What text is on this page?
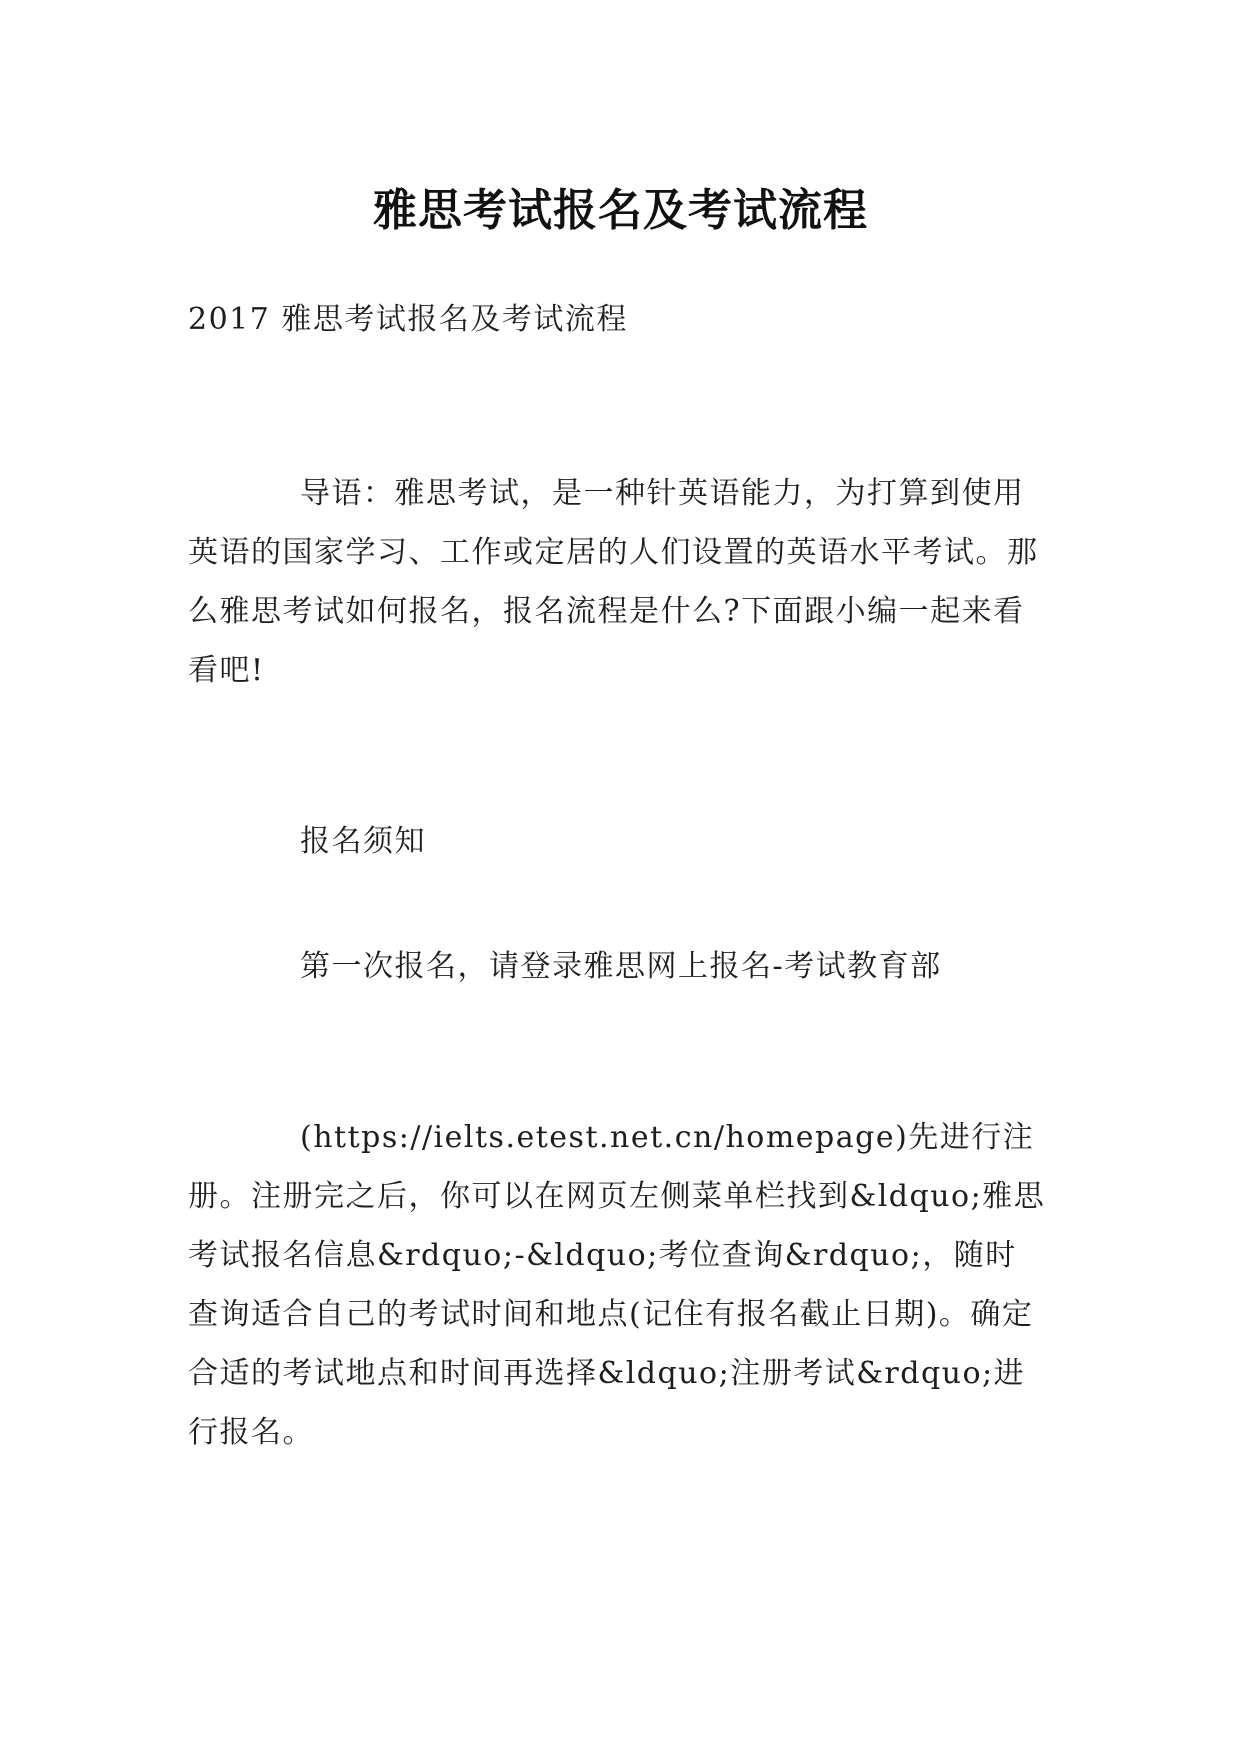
雅思考试报名及考试流程

2017 雅思考试报名及考试流程

导语：雅思考试，是一种针英语能力，为打算到使用英语的国家学习、工作或定居的人们设置的英语水平考试。那么雅思考试如何报名，报名流程是什么?下面跟小编一起来看看吧!

报名须知

第一次报名，请登录雅思网上报名-考试教育部

(https://ielts.etest.net.cn/homepage)先进行注册。注册完之后，你可以在网页左侧菜单栏找到&ldquo;雅思考试报名信息&rdquo;-&ldquo;考位查询&rdquo;，随时查询适合自己的考试时间和地点(记住有报名截止日期)。确定合适的考试地点和时间再选择&ldquo;注册考试&rdquo;进行报名。
